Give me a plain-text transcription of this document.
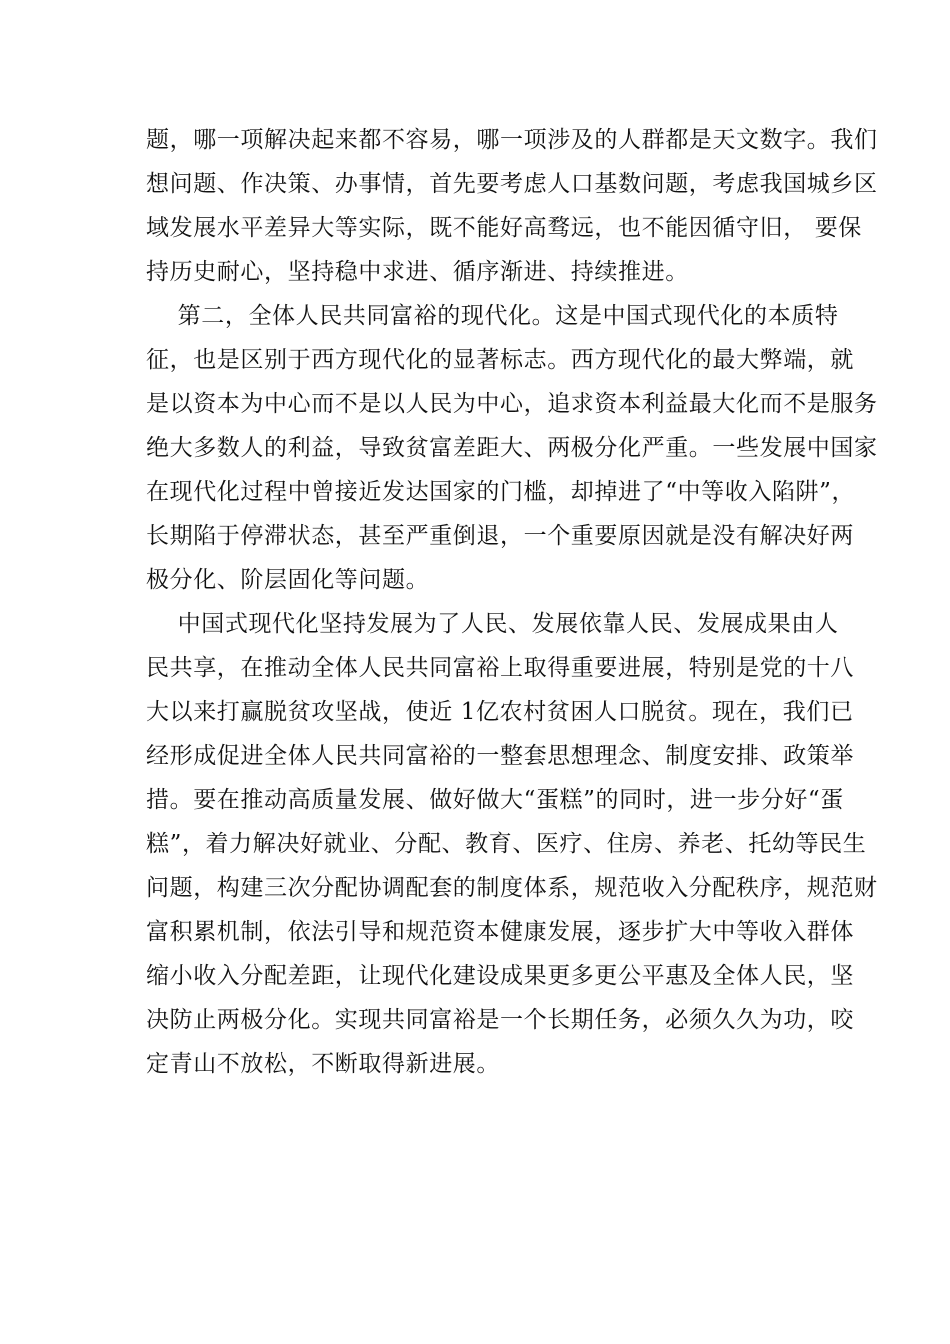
题，哪一项解决起来都不容易，哪一项涉及的人群都是天文数字。我们
想问题、作决策、办事情，首先要考虑人口基数问题，考虑我国城乡区
域发展水平差异大等实际，既不能好高骛远，也不能因循守旧， 要保
持历史耐心，坚持稳中求进、循序渐进、持续推进。
第二，全体人民共同富裕的现代化。这是中国式现代化的本质特
征，也是区别于西方现代化的显著标志。西方现代化的最大弊端，就
是以资本为中心而不是以人民为中心，追求资本利益最大化而不是服务
绝大多数人的利益，导致贫富差距大、两极分化严重。一些发展中国家
在现代化过程中曾接近发达国家的门槛，却掉进了“中等收入陷阱”，
长期陷于停滞状态，甚至严重倒退，一个重要原因就是没有解决好两
极分化、阶层固化等问题。
中国式现代化坚持发展为了人民、发展依靠人民、发展成果由人
民共享，在推动全体人民共同富裕上取得重要进展，特别是党的十八
大以来打赢脱贫攻坚战，使近 1亿农村贫困人口脱贫。现在，我们已
经形成促进全体人民共同富裕的一整套思想理念、制度安排、政策举
措。要在推动高质量发展、做好做大“蛋糕”的同时，进一步分好“蛋
糕”，着力解决好就业、分配、教育、医疗、住房、养老、托幼等民生
问题，构建三次分配协调配套的制度体系，规范收入分配秩序，规范财
富积累机制，依法引导和规范资本健康发展，逐步扩大中等收入群体
缩小收入分配差距，让现代化建设成果更多更公平惠及全体人民，坚
决防止两极分化。实现共同富裕是一个长期任务，必须久久为功，咬
定青山不放松，不断取得新进展。
